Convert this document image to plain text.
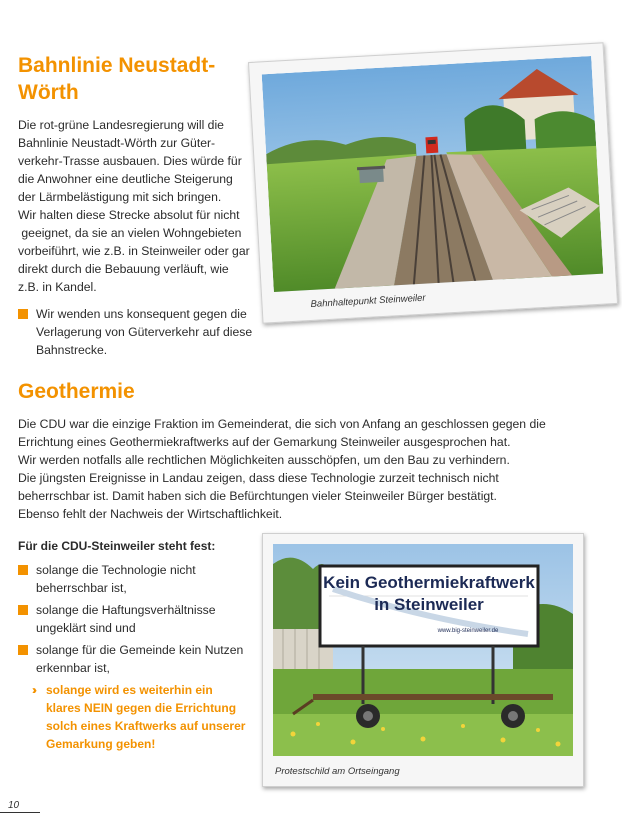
Bahnlinie Neustadt-Wörth
Die rot-grüne Landesregierung will die
Bahnlinie Neustadt-Wörth zur Güter-
verkehr-Trasse ausbauen. Dies würde für
die Anwohner eine deutliche Steigerung
der Lärmbelästigung mit sich bringen.
Wir halten diese Strecke absolut für nicht
geeignet, da sie an vielen Wohngebieten
vorbeiführt, wie z.B. in Steinweiler oder gar
direkt durch die Bebauung verläuft, wie
z.B. in Kandel.
Wir wenden uns konsequent gegen die
Verlagerung von Güterverkehr auf diese
Bahnstrecke.
Bahnhaltepunkt Steinweiler
Geothermie
Die CDU war die einzige Fraktion im Gemeinderat, die sich von Anfang an geschlossen gegen die
Errichtung eines Geothermiekraftwerks auf der Gemarkung Steinweiler ausgesprochen hat.
Wir werden notfalls alle rechtlichen Möglichkeiten ausschöpfen, um den Bau zu verhindern.
Die jüngsten Ereignisse in Landau zeigen, dass diese Technologie zurzeit technisch nicht
beherrschbar ist. Damit haben sich die Befürchtungen vieler Steinweiler Bürger bestätigt.
Ebenso fehlt der Nachweis der Wirtschaftlichkeit.
Für die CDU-Steinweiler steht fest:
solange die Technologie nicht
beherrschbar ist,
solange die Haftungsverhältnisse
ungeklärt sind und
solange für die Gemeinde kein Nutzen
erkennbar ist,
›› solange wird es weiterhin ein
klares NEIN gegen die Errichtung
solch eines Kraftwerks auf unserer
Gemarkung geben!
Kein Geothermiekraftwerk
in Steinweiler
www.big-steinweiler.de
Protestschild am Ortseingang
10
